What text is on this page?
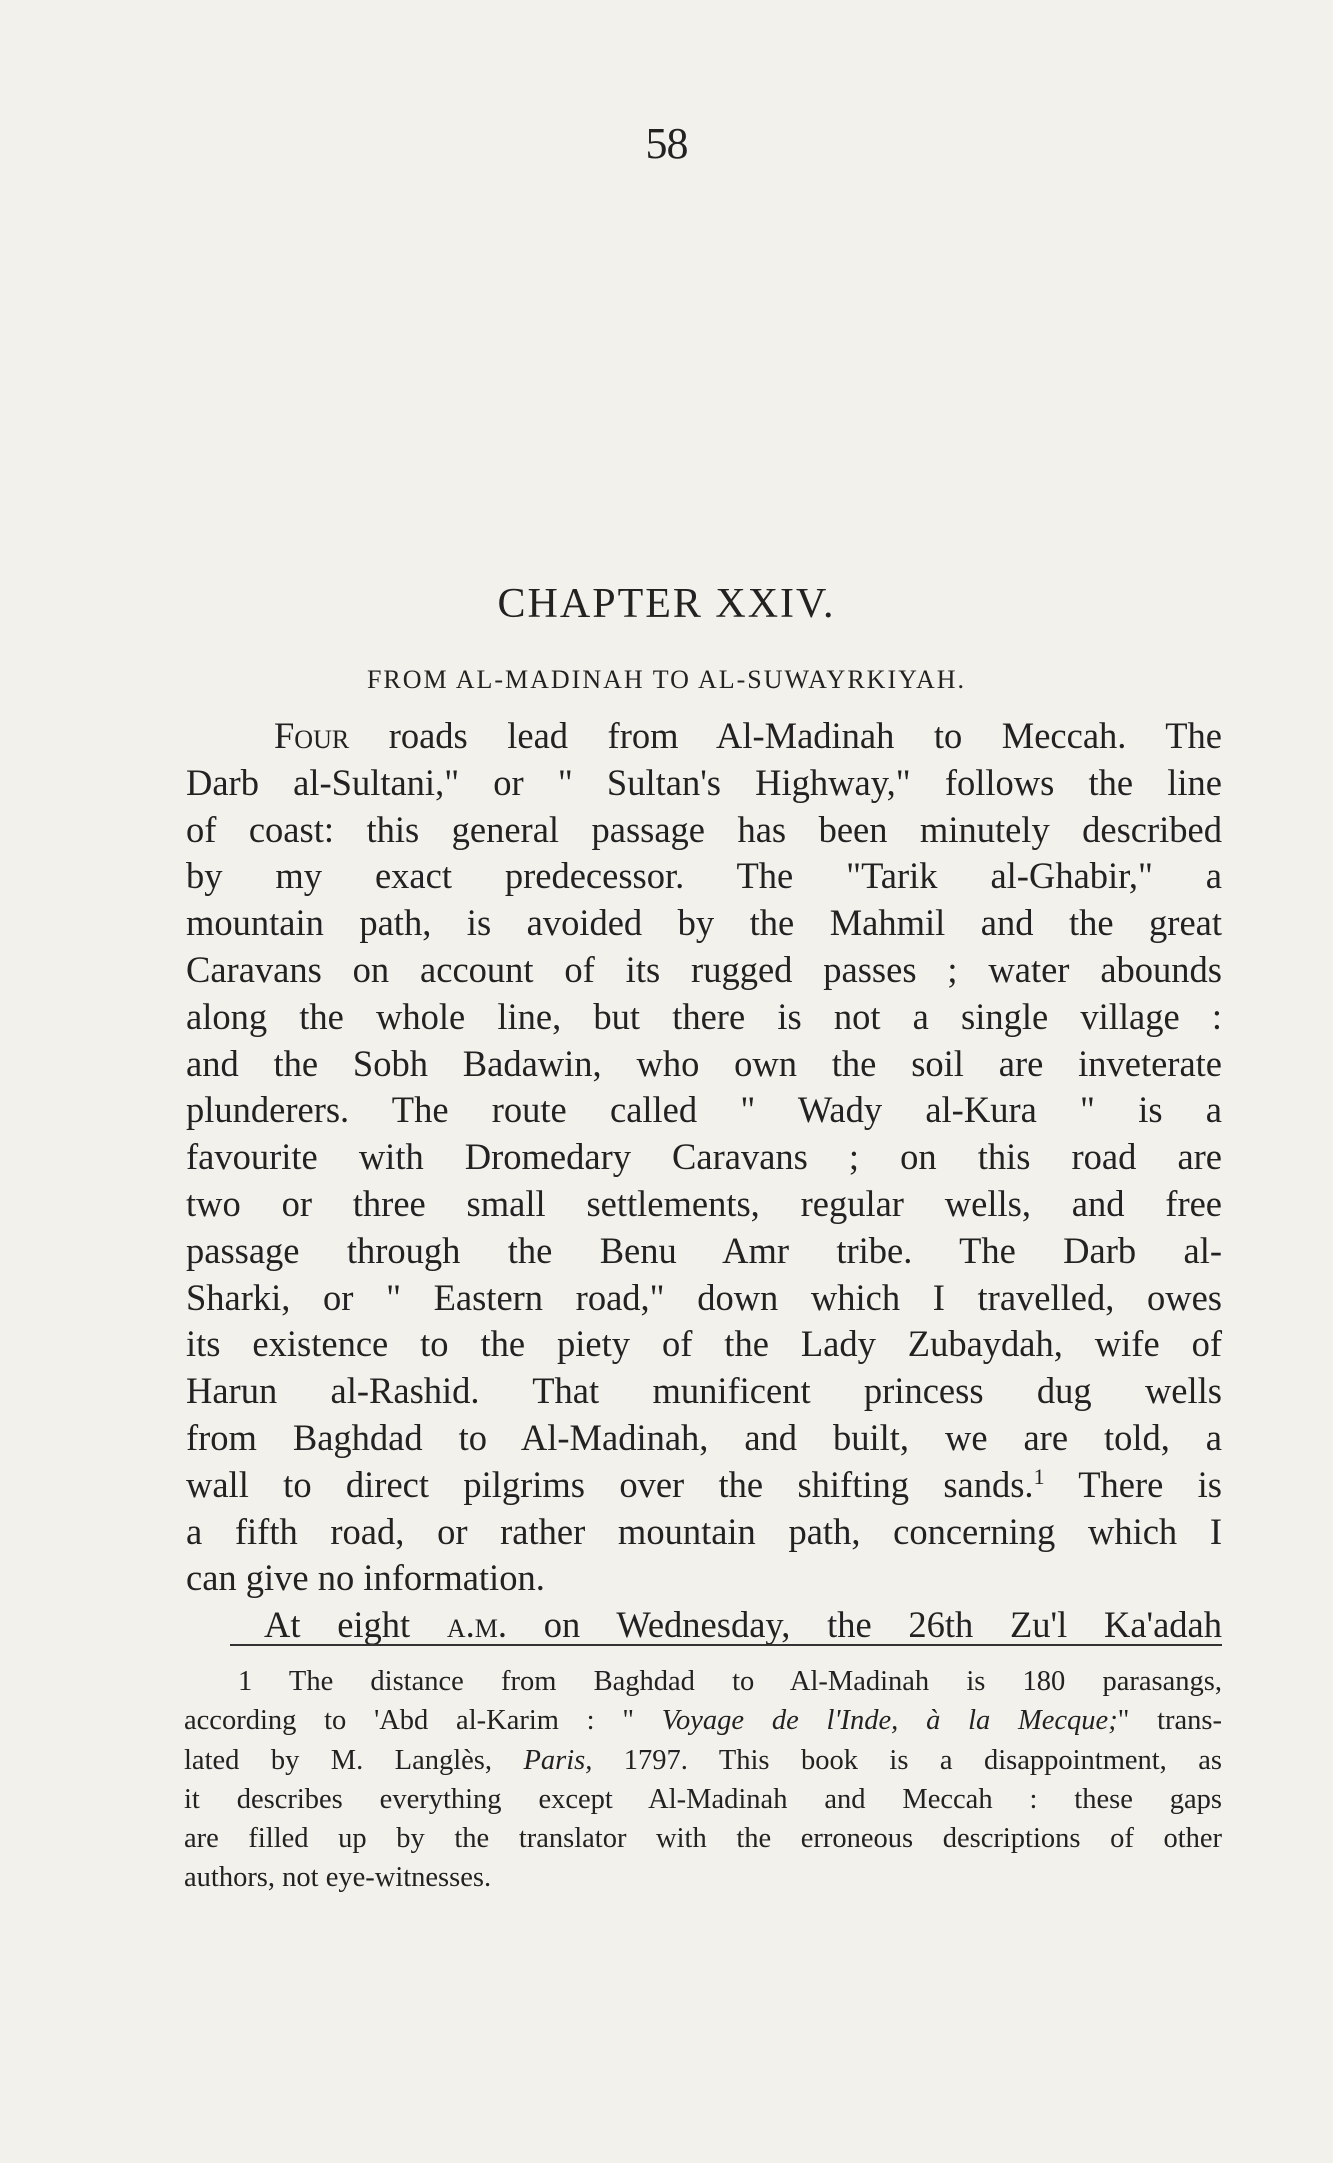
58
CHAPTER XXIV.
FROM AL-MADINAH TO AL-SUWAYRKIYAH.
Four roads lead from Al-Madinah to Meccah. The
Darb al-Sultani," or " Sultan's Highway," follows the line
of coast: this general passage has been minutely described
by my exact predecessor. The "Tarik al-Ghabir," a
mountain path, is avoided by the Mahmil and the great
Caravans on account of its rugged passes ; water abounds
along the whole line, but there is not a single village :
and the Sobh Badawin, who own the soil are inveterate
plunderers. The route called " Wady al-Kura " is a
favourite with Dromedary Caravans ; on this road are
two or three small settlements, regular wells, and free
passage through the Benu Amr tribe. The Darb al-
Sharki, or " Eastern road," down which I travelled, owes
its existence to the piety of the Lady Zubaydah, wife of
Harun al-Rashid. That munificent princess dug wells
from Baghdad to Al-Madinah, and built, we are told, a
wall to direct pilgrims over the shifting sands.$^1$ There is
a fifth road, or rather mountain path, concerning which I
can give no information.
At eight a.m. on Wednesday, the 26th Zu'l Ka'adah
1 The distance from Baghdad to Al-Madinah is 180 parasangs,
according to 'Abd al-Karim : " Voyage de l'Inde, à la Mecque;" trans-
lated by M. Langlès, Paris, 1797. This book is a disappointment, as
it describes everything except Al-Madinah and Meccah : these gaps
are filled up by the translator with the erroneous descriptions of other
authors, not eye-witnesses.
